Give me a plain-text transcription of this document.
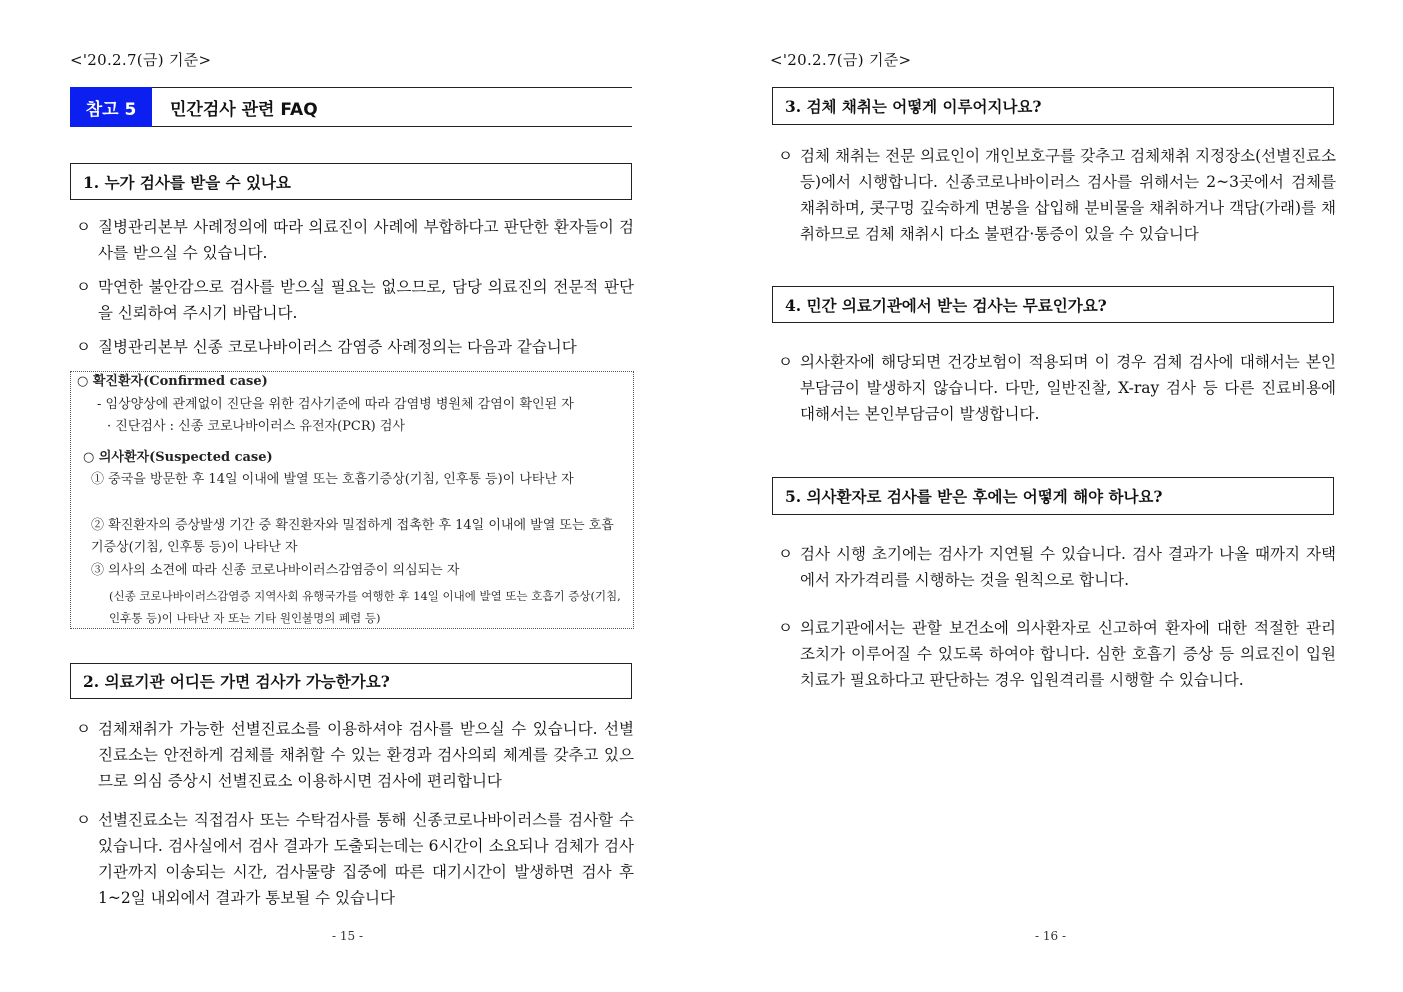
<'20.2.7(금) 기준>
참고 5	민간검사 관련 FAQ
1. 누가 검사를 받을 수 있나요
ㅇ 질병관리본부 사례정의에 따라 의료진이 사례에 부합하다고 판단한 환자들이 검사를 받으실 수 있습니다.
ㅇ 막연한 불안감으로 검사를 받으실 필요는 없으므로, 담당 의료진의 전문적 판단을 신뢰하여 주시기 바랍니다.
ㅇ 질병관리본부 신종 코로나바이러스 감염증 사례정의는 다음과 같습니다
○ 확진환자(Confirmed case)
- 임상양상에 관계없이 진단을 위한 검사기준에 따라 감염병 병원체 감염이 확인된 자
· 진단검사 : 신종 코로나바이러스 유전자(PCR) 검사
○ 의사환자(Suspected case)
① 중국을 방문한 후 14일 이내에 발열 또는 호흡기증상(기침, 인후통 등)이 나타난 자
② 확진환자의 증상발생 기간 중 확진환자와 밀접하게 접촉한 후 14일 이내에 발열 또는 호흡기증상(기침, 인후통 등)이 나타난 자
③ 의사의 소견에 따라 신종 코로나바이러스감염증이 의심되는 자
(신종 코로나바이러스감염증 지역사회 유행국가를 여행한 후 14일 이내에 발열 또는 호흡기 증상(기침, 인후통 등)이 나타난 자 또는 기타 원인불명의 폐렴 등)
2. 의료기관 어디든 가면 검사가 가능한가요?
ㅇ 검체채취가 가능한 선별진료소를 이용하셔야 검사를 받으실 수 있습니다. 선별진료소는 안전하게 검체를 채취할 수 있는 환경과 검사의뢰 체계를 갖추고 있으므로 의심 증상시 선별진료소 이용하시면 검사에 편리합니다
ㅇ 선별진료소는 직접검사 또는 수탁검사를 통해 신종코로나바이러스를 검사할 수 있습니다. 검사실에서 검사 결과가 도출되는데는 6시간이 소요되나 검체가 검사기관까지 이송되는 시간, 검사물량 집중에 따른 대기시간이 발생하면 검사 후 1~2일 내외에서 결과가 통보될 수 있습니다
- 15 -
<'20.2.7(금) 기준>
3. 검체 채취는 어떻게 이루어지나요?
ㅇ 검체 채취는 전문 의료인이 개인보호구를 갖추고 검체채취 지정장소(선별진료소 등)에서 시행합니다. 신종코로나바이러스 검사를 위해서는 2~3곳에서 검체를 채취하며, 콧구멍 깊숙하게 면봉을 삽입해 분비물을 채취하거나 객담(가래)를 채취하므로 검체 채취시 다소 불편감·통증이 있을 수 있습니다
4. 민간 의료기관에서 받는 검사는 무료인가요?
ㅇ 의사환자에 해당되면 건강보험이 적용되며 이 경우 검체 검사에 대해서는 본인부담금이 발생하지 않습니다. 다만, 일반진찰, X-ray 검사 등 다른 진료비용에 대해서는 본인부담금이 발생합니다.
5. 의사환자로 검사를 받은 후에는 어떻게 해야 하나요?
ㅇ 검사 시행 초기에는 검사가 지연될 수 있습니다. 검사 결과가 나올 때까지 자택에서 자가격리를 시행하는 것을 원칙으로 합니다.
ㅇ 의료기관에서는 관할 보건소에 의사환자로 신고하여 환자에 대한 적절한 관리 조치가 이루어질 수 있도록 하여야 합니다. 심한 호흡기 증상 등 의료진이 입원치료가 필요하다고 판단하는 경우 입원격리를 시행할 수 있습니다.
- 16 -
